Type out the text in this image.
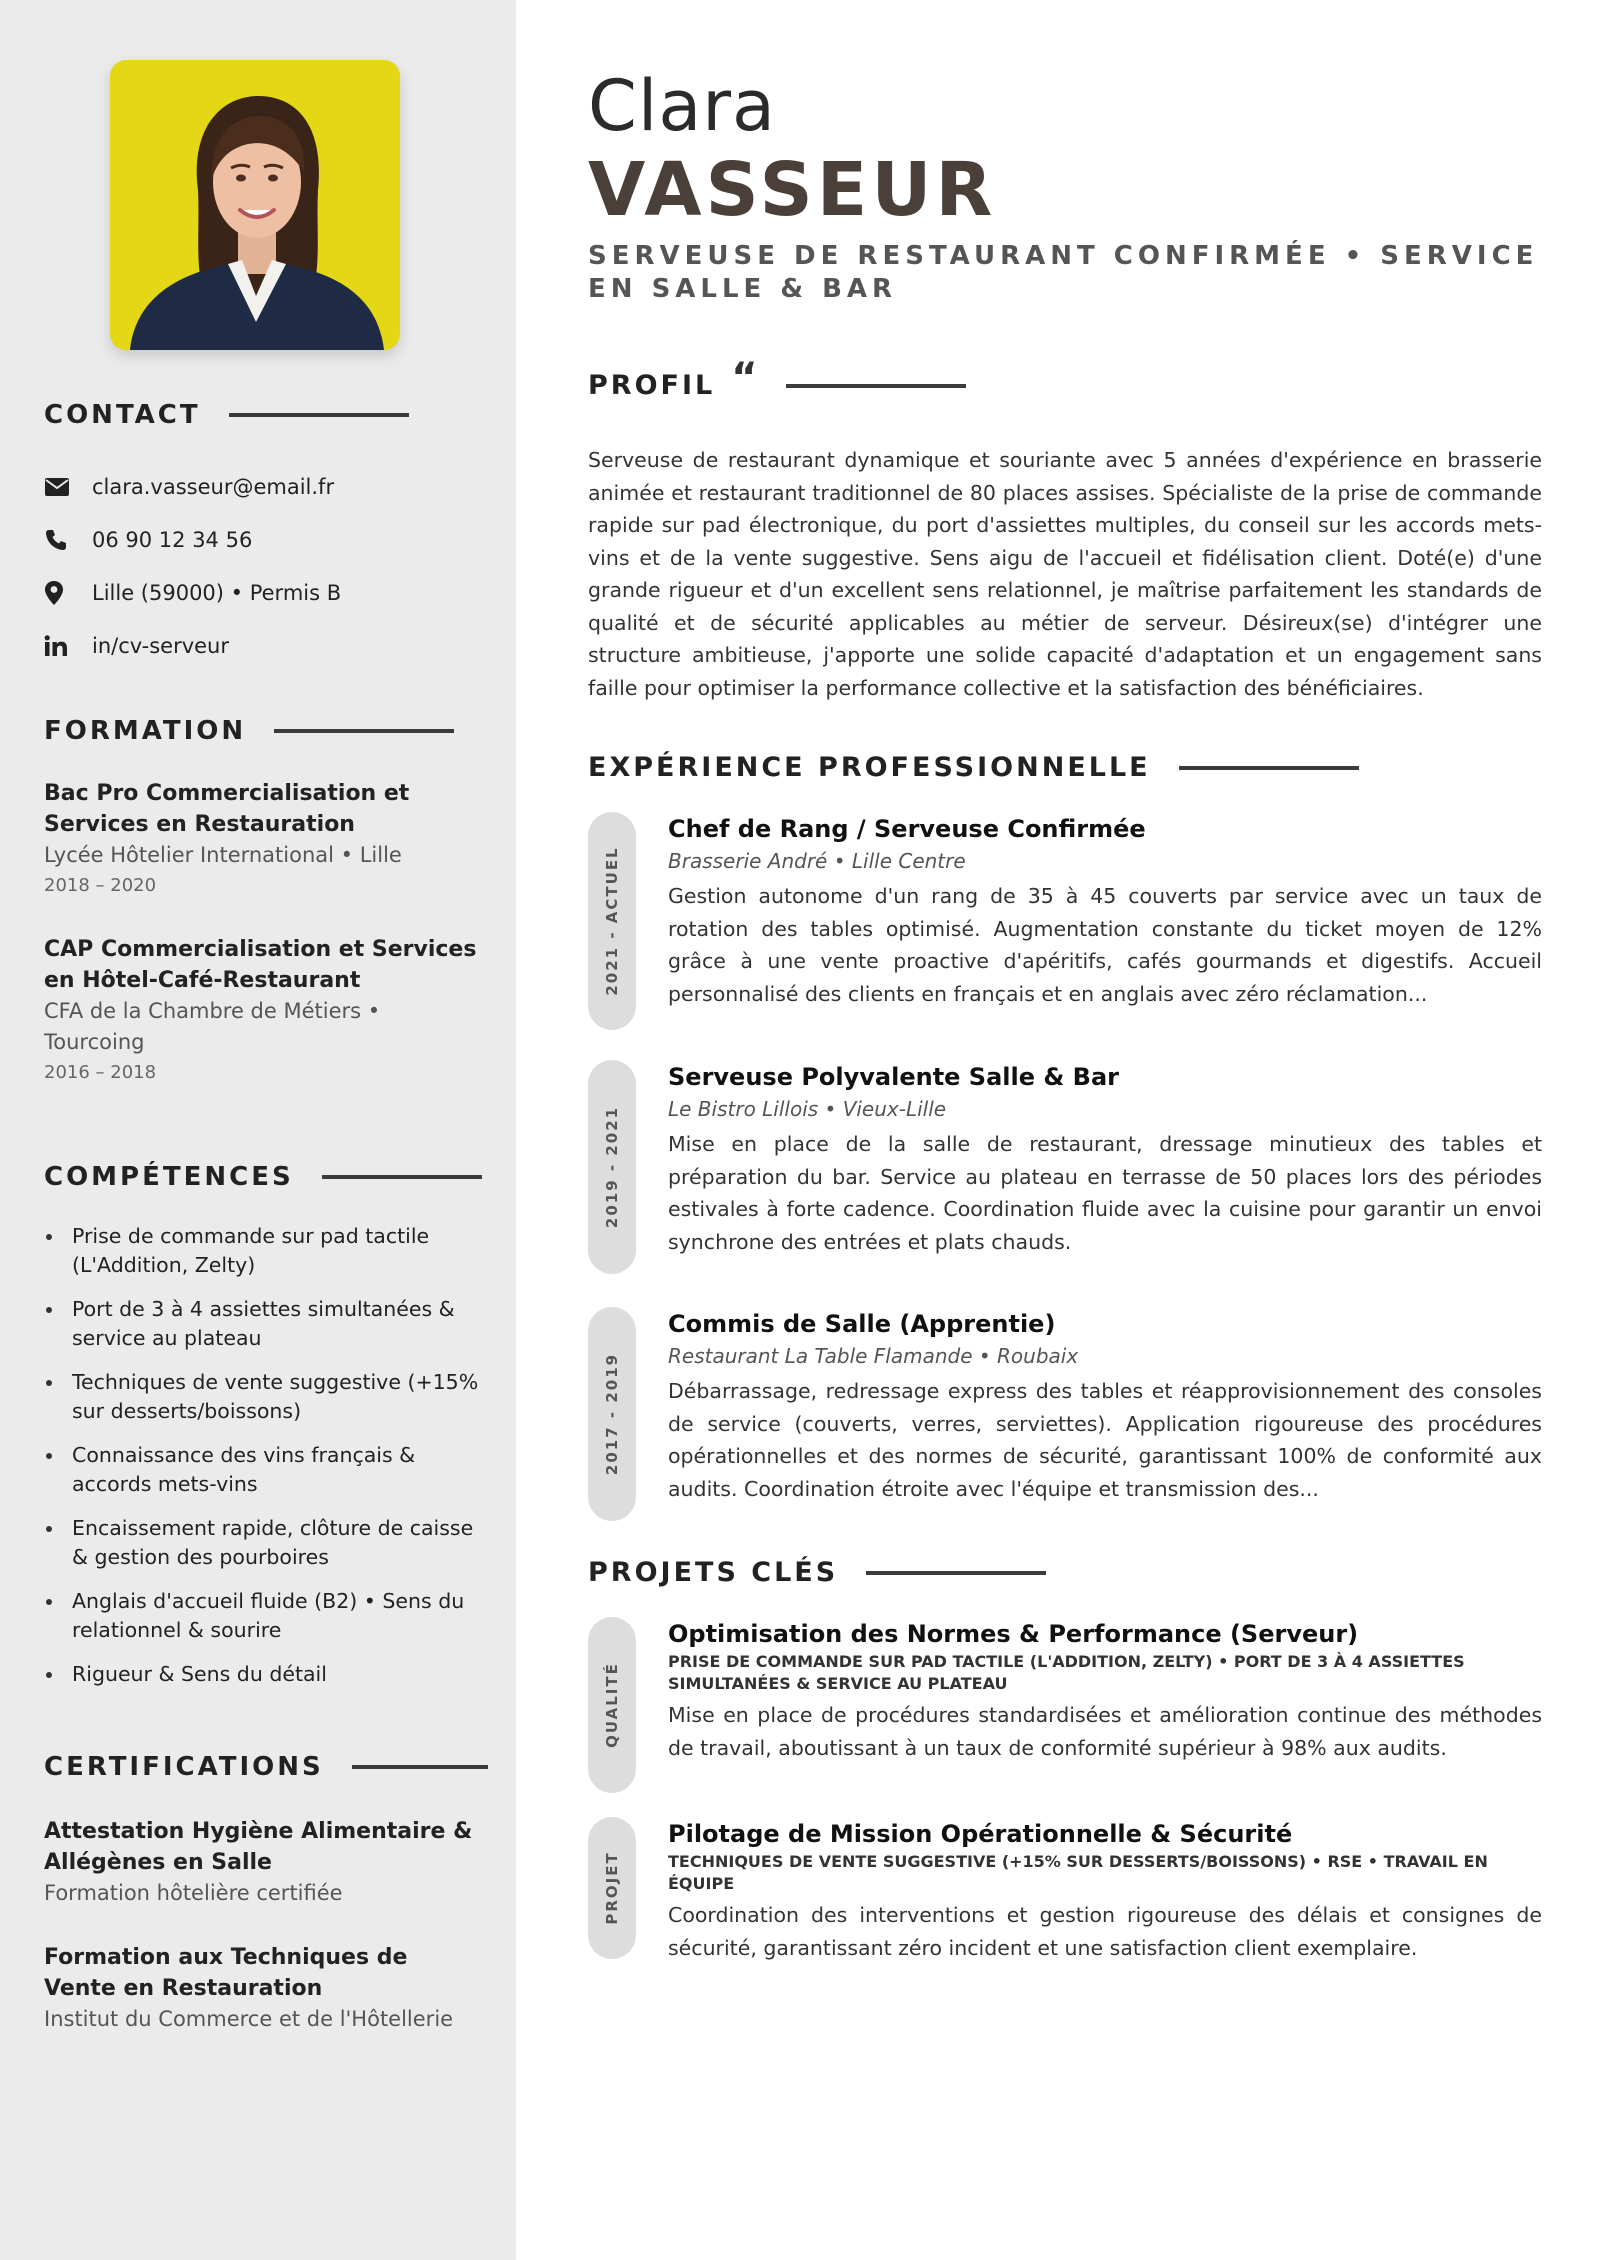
CONTACT
clara.vasseur@email.fr
06 90 12 34 56
Lille (59000) • Permis B
in/cv-serveur
FORMATION
Bac Pro Commercialisation et Services en Restauration
Lycée Hôtelier International • Lille
2018 – 2020
CAP Commercialisation et Services en Hôtel-Café-Restaurant
CFA de la Chambre de Métiers • Tourcoing
2016 – 2018
COMPÉTENCES
Prise de commande sur pad tactile (L'Addition, Zelty)
Port de 3 à 4 assiettes simultanées & service au plateau
Techniques de vente suggestive (+15% sur desserts/boissons)
Connaissance des vins français & accords mets-vins
Encaissement rapide, clôture de caisse & gestion des pourboires
Anglais d'accueil fluide (B2) • Sens du relationnel & sourire
Rigueur & Sens du détail
CERTIFICATIONS
Attestation Hygiène Alimentaire & Allégènes en Salle
Formation hôtelière certifiée
Formation aux Techniques de Vente en Restauration
Institut du Commerce et de l'Hôtellerie
Clara
VASSEUR
SERVEUSE DE RESTAURANT CONFIRMÉE • SERVICE EN SALLE & BAR
PROFIL “

Serveuse de restaurant dynamique et souriante avec 5 années d'expérience en brasserie animée et restaurant traditionnel de 80 places assises. Spécialiste de la prise de commande rapide sur pad électronique, du port d'assiettes multiples, du conseil sur les accords mets-vins et de la vente suggestive. Sens aigu de l'accueil et fidélisation client. Doté(e) d'une grande rigueur et d'un excellent sens relationnel, je maîtrise parfaitement les standards de qualité et de sécurité applicables au métier de serveur. Désireux(se) d'intégrer une structure ambitieuse, j'apporte une solide capacité d'adaptation et un engagement sans faille pour optimiser la performance collective et la satisfaction des bénéficiaires.

EXPÉRIENCE PROFESSIONNELLE
2021 - ACTUEL
Chef de Rang / Serveuse Confirmée
Brasserie André • Lille Centre
Gestion autonome d'un rang de 35 à 45 couverts par service avec un taux de rotation des tables optimisé. Augmentation constante du ticket moyen de 12% grâce à une vente proactive d'apéritifs, cafés gourmands et digestifs. Accueil personnalisé des clients en français et en anglais avec zéro réclamation...
2019 - 2021
Serveuse Polyvalente Salle & Bar
Le Bistro Lillois • Vieux-Lille
Mise en place de la salle de restaurant, dressage minutieux des tables et préparation du bar. Service au plateau en terrasse de 50 places lors des périodes estivales à forte cadence. Coordination fluide avec la cuisine pour garantir un envoi synchrone des entrées et plats chauds.
2017 - 2019
Commis de Salle (Apprentie)
Restaurant La Table Flamande • Roubaix
Débarrassage, redressage express des tables et réapprovisionnement des consoles de service (couverts, verres, serviettes). Application rigoureuse des procédures opérationnelles et des normes de sécurité, garantissant 100% de conformité aux audits. Coordination étroite avec l'équipe et transmission des...
PROJETS CLÉS
QUALITÉ
Optimisation des Normes & Performance (Serveur)
PRISE DE COMMANDE SUR PAD TACTILE (L'ADDITION, ZELTY) • PORT DE 3 À 4 ASSIETTES SIMULTANÉES & SERVICE AU PLATEAU
Mise en place de procédures standardisées et amélioration continue des méthodes de travail, aboutissant à un taux de conformité supérieur à 98% aux audits.
PROJET
Pilotage de Mission Opérationnelle & Sécurité
TECHNIQUES DE VENTE SUGGESTIVE (+15% SUR DESSERTS/BOISSONS) • RSE • TRAVAIL EN ÉQUIPE
Coordination des interventions et gestion rigoureuse des délais et consignes de sécurité, garantissant zéro incident et une satisfaction client exemplaire.
